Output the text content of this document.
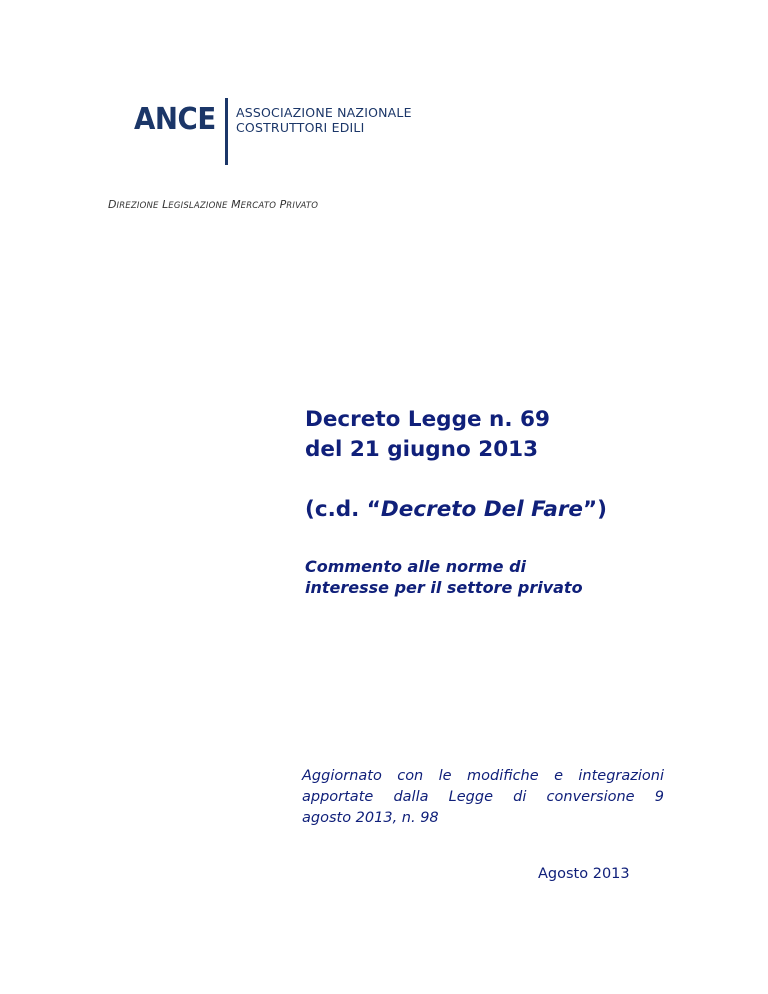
ANCE ASSOCIAZIONE NAZIONALE
COSTRUTTORI EDILI
DIREZIONE LEGISLAZIONE MERCATO PRIVATO
Decreto Legge n. 69
del 21 giugno 2013
(c.d. “Decreto Del Fare”)
Commento alle norme di
interesse per il settore privato
Aggiornato con le modifiche e integrazioni
apportate dalla Legge di conversione 9
agosto 2013, n. 98
Agosto 2013
